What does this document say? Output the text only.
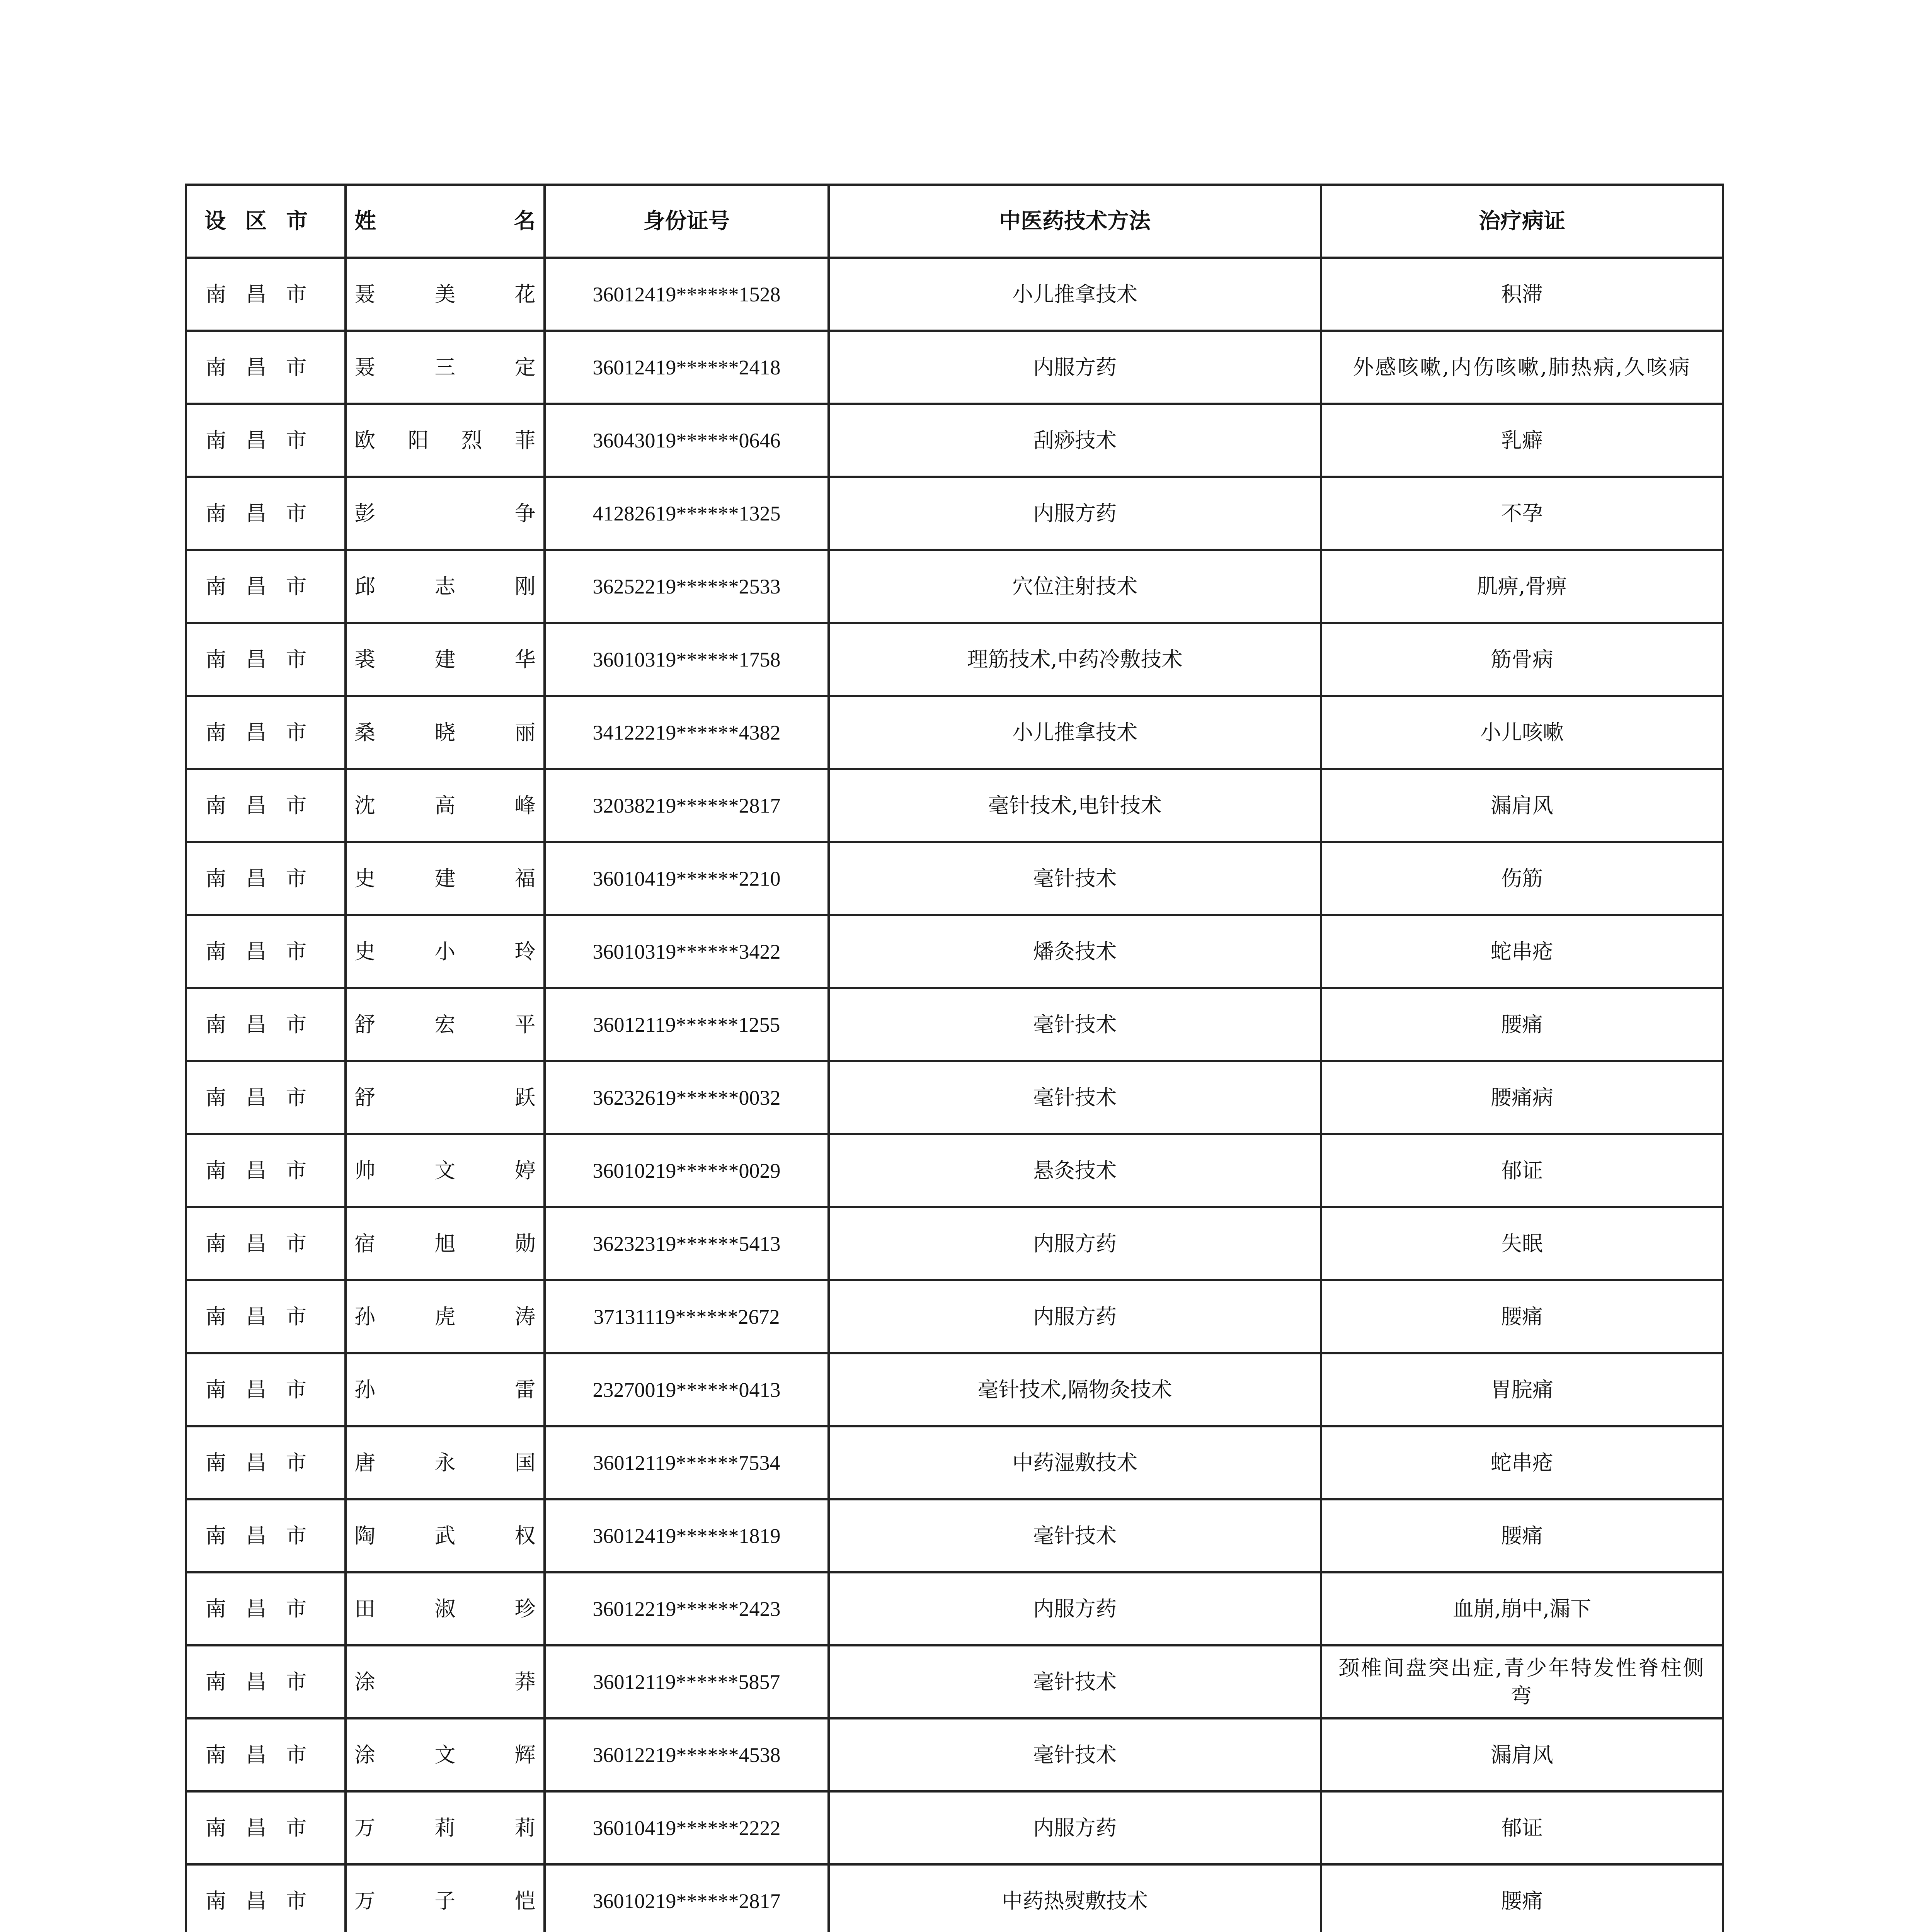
设区市	姓名	身份证号	中医药技术方法	治疗病证
南昌市	聂美花	36012419******1528	小儿推拿技术	积滞
南昌市	聂三定	36012419******2418	内服方药	外感咳嗽,内伤咳嗽,肺热病,久咳病
南昌市	欧阳烈菲	36043019******0646	刮痧技术	乳癖
南昌市	彭争	41282619******1325	内服方药	不孕
南昌市	邱志刚	36252219******2533	穴位注射技术	肌痹,骨痹
南昌市	裘建华	36010319******1758	理筋技术,中药冷敷技术	筋骨病
南昌市	桑晓丽	34122219******4382	小儿推拿技术	小儿咳嗽
南昌市	沈高峰	32038219******2817	毫针技术,电针技术	漏肩风
南昌市	史建福	36010419******2210	毫针技术	伤筋
南昌市	史小玲	36010319******3422	燔灸技术	蛇串疮
南昌市	舒宏平	36012119******1255	毫针技术	腰痛
南昌市	舒跃	36232619******0032	毫针技术	腰痛病
南昌市	帅文婷	36010219******0029	悬灸技术	郁证
南昌市	宿旭勋	36232319******5413	内服方药	失眠
南昌市	孙虎涛	37131119******2672	内服方药	腰痛
南昌市	孙雷	23270019******0413	毫针技术,隔物灸技术	胃脘痛
南昌市	唐永国	36012119******7534	中药湿敷技术	蛇串疮
南昌市	陶武权	36012419******1819	毫针技术	腰痛
南昌市	田淑珍	36012219******2423	内服方药	血崩,崩中,漏下
南昌市	涂莽	36012119******5857	毫针技术	颈椎间盘突出症,青少年特发性脊柱侧弯
南昌市	涂文辉	36012219******4538	毫针技术	漏肩风
南昌市	万莉莉	36010419******2222	内服方药	郁证
南昌市	万子恺	36010219******2817	中药热熨敷技术	腰痛
